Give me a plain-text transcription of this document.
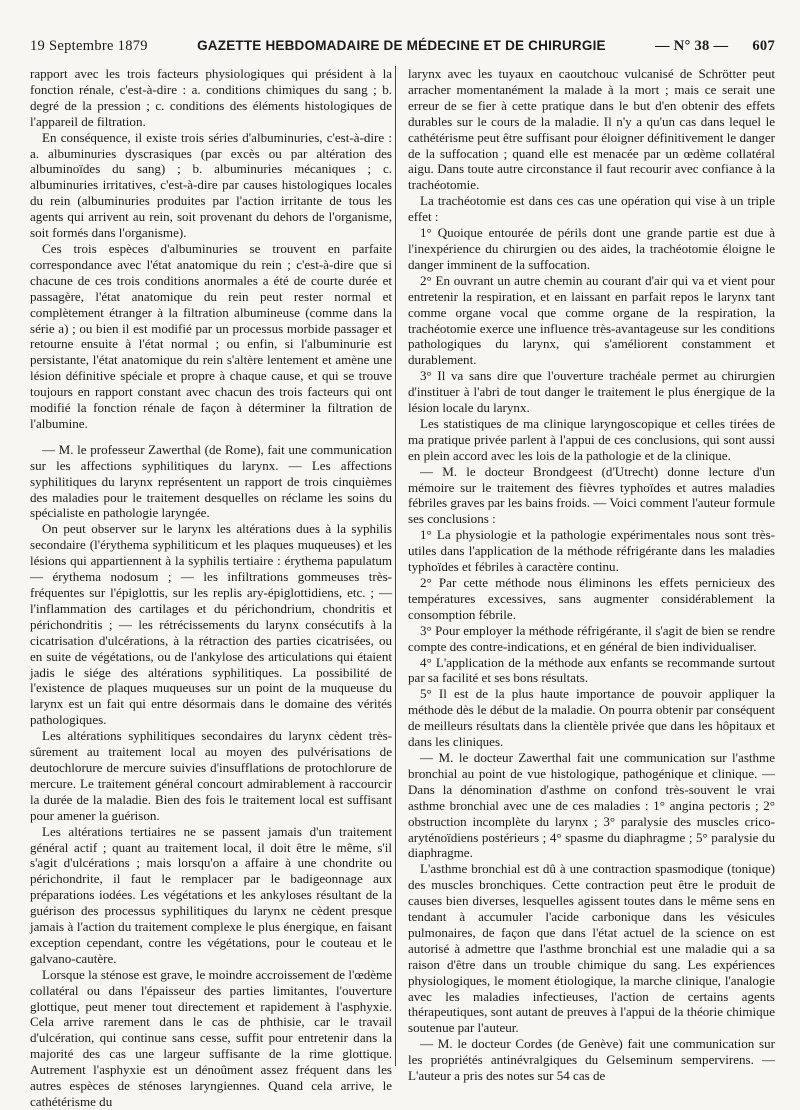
19 Septembre 1879	GAZETTE HEBDOMADAIRE DE MÉDECINE ET DE CHIRURGIE	— N° 38 — 607

rapport avec les trois facteurs physiologiques qui président à la fonction rénale, c'est-à-dire : a. conditions chimiques du sang ; b. degré de la pression ; c. conditions des éléments histologiques de l'appareil de filtration.

En conséquence, il existe trois séries d'albuminuries, c'est-à-dire : a. albuminuries dyscrasiques (par excès ou par altération des albuminoïdes du sang) ; b. albuminuries mécaniques ; c. albuminuries irritatives, c'est-à-dire par causes histologiques locales du rein (albuminuries produites par l'action irritante de tous les agents qui arrivent au rein, soit provenant du dehors de l'organisme, soit formés dans l'organisme).

Ces trois espèces d'albuminuries se trouvent en parfaite correspondance avec l'état anatomique du rein ; c'est-à-dire que si chacune de ces trois conditions anormales a été de courte durée et passagère, l'état anatomique du rein peut rester normal et complètement étranger à la filtration albumineuse (comme dans la série a) ; ou bien il est modifié par un processus morbide passager et retourne ensuite à l'état normal ; ou enfin, si l'albuminurie est persistante, l'état anatomique du rein s'altère lentement et amène une lésion définitive spéciale et propre à chaque cause, et qui se trouve toujours en rapport constant avec chacun des trois facteurs qui ont modifié la fonction rénale de façon à déterminer la filtration de l'albumine.

— M. le professeur Zawerthal (de Rome), fait une communication sur les affections syphilitiques du larynx. — Les affections syphilitiques du larynx représentent un rapport de trois cinquièmes des maladies pour le traitement desquelles on réclame les soins du spécialiste en pathologie laryngée.

On peut observer sur le larynx les altérations dues à la syphilis secondaire (l'érythema syphiliticum et les plaques muqueuses) et les lésions qui appartiennent à la syphilis tertiaire : érythema papulatum — érythema nodosum ; — les infiltrations gommeuses très-fréquentes sur l'épiglottis, sur les replis ary-épiglottidiens, etc. ; — l'inflammation des cartilages et du périchondrium, chondritis et périchondritis ; — les rétrécissements du larynx consécutifs à la cicatrisation d'ulcérations, à la rétraction des parties cicatrisées, ou en suite de végétations, ou de l'ankylose des articulations qui étaient jadis le siége des altérations syphilitiques. La possibilité de l'existence de plaques muqueuses sur un point de la muqueuse du larynx est un fait qui entre désormais dans le domaine des vérités pathologiques.

Les altérations syphilitiques secondaires du larynx cèdent très-sûrement au traitement local au moyen des pulvérisations de deutochlorure de mercure suivies d'insufflations de protochlorure de mercure. Le traitement général concourt admirablement à raccourcir la durée de la maladie. Bien des fois le traitement local est suffisant pour amener la guérison.

Les altérations tertiaires ne se passent jamais d'un traitement général actif ; quant au traitement local, il doit être le même, s'il s'agit d'ulcérations ; mais lorsqu'on a affaire à une chondrite ou périchondrite, il faut le remplacer par le badigeonnage aux préparations iodées. Les végétations et les ankyloses résultant de la guérison des processus syphilitiques du larynx ne cèdent presque jamais à l'action du traitement complexe le plus énergique, en faisant exception cependant, contre les végétations, pour le couteau et le galvano-cautère.

Lorsque la sténose est grave, le moindre accroissement de l'œdème collatéral ou dans l'épaisseur des parties limitantes, l'ouverture glottique, peut mener tout directement et rapidement à l'asphyxie. Cela arrive rarement dans le cas de phthisie, car le travail d'ulcération, qui continue sans cesse, suffit pour entretenir dans la majorité des cas une largeur suffisante de la rime glottique. Autrement l'asphyxie est un dénoûment assez fréquent dans les autres espèces de sténoses laryngiennes. Quand cela arrive, le cathétérisme du

larynx avec les tuyaux en caoutchouc vulcanisé de Schrötter peut arracher momentanément la malade à la mort ; mais ce serait une erreur de se fier à cette pratique dans le but d'en obtenir des effets durables sur le cours de la maladie. Il n'y a qu'un cas dans lequel le cathétérisme peut être suffisant pour éloigner définitivement le danger de la suffocation ; quand elle est menacée par un œdème collatéral aigu. Dans toute autre circonstance il faut recourir avec confiance à la trachéotomie.

La trachéotomie est dans ces cas une opération qui vise à un triple effet :

1° Quoique entourée de périls dont une grande partie est due à l'inexpérience du chirurgien ou des aides, la trachéotomie éloigne le danger imminent de la suffocation.

2° En ouvrant un autre chemin au courant d'air qui va et vient pour entretenir la respiration, et en laissant en parfait repos le larynx tant comme organe vocal que comme organe de la respiration, la trachéotomie exerce une influence très-avantageuse sur les conditions pathologiques du larynx, qui s'améliorent constamment et durablement.

3° Il va sans dire que l'ouverture trachéale permet au chirurgien d'instituer à l'abri de tout danger le traitement le plus énergique de la lésion locale du larynx.

Les statistiques de ma clinique laryngoscopique et celles tirées de ma pratique privée parlent à l'appui de ces conclusions, qui sont aussi en plein accord avec les lois de la pathologie et de la clinique.

— M. le docteur Brondgeest (d'Utrecht) donne lecture d'un mémoire sur le traitement des fièvres typhoïdes et autres maladies fébriles graves par les bains froids. — Voici comment l'auteur formule ses conclusions :

1° La physiologie et la pathologie expérimentales nous sont très-utiles dans l'application de la méthode réfrigérante dans les maladies typhoïdes et fébriles à caractère continu.

2° Par cette méthode nous éliminons les effets pernicieux des températures excessives, sans augmenter considérablement la consomption fébrile.

3° Pour employer la méthode réfrigérante, il s'agit de bien se rendre compte des contre-indications, et en général de bien individualiser.

4° L'application de la méthode aux enfants se recommande surtout par sa facilité et ses bons résultats.

5° Il est de la plus haute importance de pouvoir appliquer la méthode dès le début de la maladie. On pourra obtenir par conséquent de meilleurs résultats dans la clientèle privée que dans les hôpitaux et dans les cliniques.

— M. le docteur Zawerthal fait une communication sur l'asthme bronchial au point de vue histologique, pathogénique et clinique. — Dans la dénomination d'asthme on confond très-souvent le vrai asthme bronchial avec une de ces maladies : 1° angina pectoris ; 2° obstruction incomplète du larynx ; 3° paralysie des muscles crico-aryténoïdiens postérieurs ; 4° spasme du diaphragme ; 5° paralysie du diaphragme.

L'asthme bronchial est dû à une contraction spasmodique (tonique) des muscles bronchiques. Cette contraction peut être le produit de causes bien diverses, lesquelles agissent toutes dans le même sens en tendant à accumuler l'acide carbonique dans les vésicules pulmonaires, de façon que dans l'état actuel de la science on est autorisé à admettre que l'asthme bronchial est une maladie qui a sa raison d'être dans un trouble chimique du sang. Les expériences physiologiques, le moment étiologique, la marche clinique, l'analogie avec les maladies infectieuses, l'action de certains agents thérapeutiques, sont autant de preuves à l'appui de la théorie chimique soutenue par l'auteur.

— M. le docteur Cordes (de Genève) fait une communication sur les propriétés antinévralgiques du Gelseminum sempervirens. — L'auteur a pris des notes sur 54 cas de
